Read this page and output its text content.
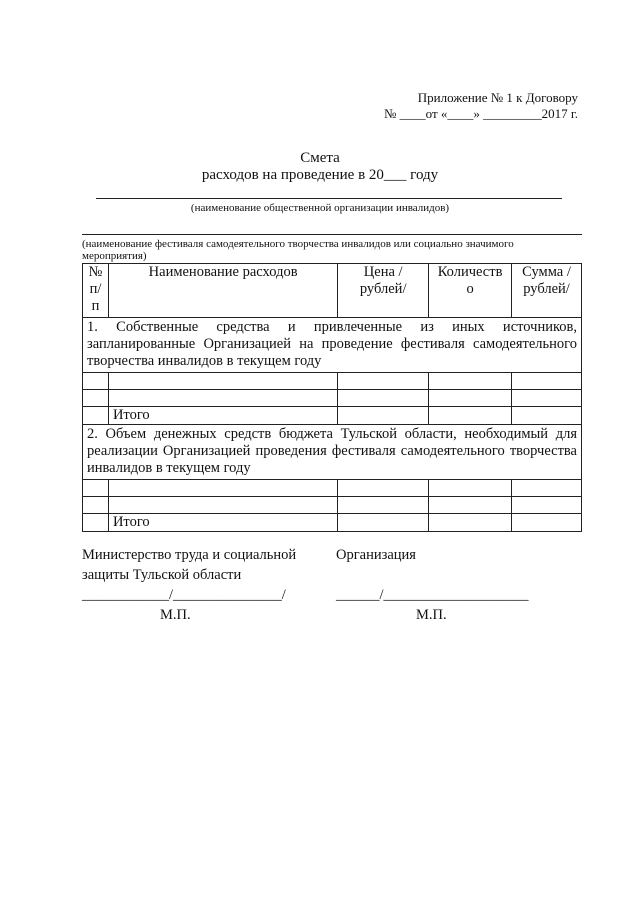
Приложение № 1 к Договору
№ ____от «____» _________2017 г.
Смета
расходов на проведение в 20___ году
(наименование общественной организации инвалидов)
(наименование фестиваля самодеятельного творчества инвалидов или социально значимого мероприятия)
№ п/ п	Наименование расходов	Цена /рублей/	Количеств о	Сумма /рублей/
1. Собственные средства и привлеченные из иных источников, запланированные Организацией на проведение фестиваля самодеятельного творчества инвалидов в текущем году				

	Итого			
2. Объем денежных средств бюджета Тульской области, необходимый для реализации Организацией проведения фестиваля самодеятельного творчества инвалидов в текущем году				

	Итого			
Министерство труда и социальной
защиты Тульской области
____________/_______________/
М.П.
Организация

______/____________________
М.П.
